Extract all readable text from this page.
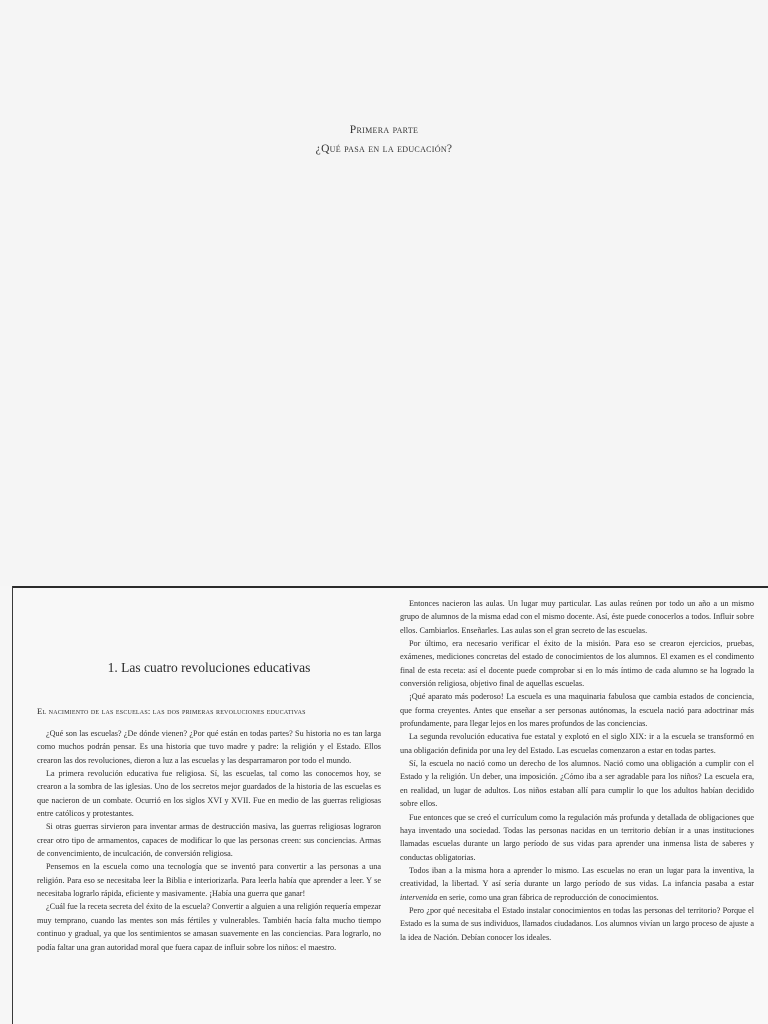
Primera parte
¿Qué pasa en la educación?
1. Las cuatro revoluciones educativas
El nacimiento de las escuelas: las dos primeras revoluciones educativas

¿Qué son las escuelas? ¿De dónde vienen? ¿Por qué están en todas partes? Su historia no es tan larga como muchos podrán pensar. Es una historia que tuvo madre y padre: la religión y el Estado. Ellos crearon las dos revoluciones, dieron a luz a las escuelas y las desparramaron por todo el mundo.

La primera revolución educativa fue religiosa. Sí, las escuelas, tal como las conocemos hoy, se crearon a la sombra de las iglesias. Uno de los secretos mejor guardados de la historia de las escuelas es que nacieron de un combate. Ocurrió en los siglos XVI y XVII. Fue en medio de las guerras religiosas entre católicos y protestantes.

Si otras guerras sirvieron para inventar armas de destrucción masiva, las guerras religiosas lograron crear otro tipo de armamentos, capaces de modificar lo que las personas creen: sus conciencias. Armas de convencimiento, de inculcación, de conversión religiosa.

Pensemos en la escuela como una tecnología que se inventó para convertir a las personas a una religión. Para eso se necesitaba leer la Biblia e interiorizarla. Para leerla había que aprender a leer. Y se necesitaba lograrlo rápida, eficiente y masivamente. ¡Había una guerra que ganar!

¿Cuál fue la receta secreta del éxito de la escuela? Convertir a alguien a una religión requería empezar muy temprano, cuando las mentes son más fértiles y vulnerables. También hacía falta mucho tiempo continuo y gradual, ya que los sentimientos se amasan suavemente en las conciencias. Para lograrlo, no podía faltar una gran autoridad moral que fuera capaz de influir sobre los niños: el maestro.

Entonces nacieron las aulas. Un lugar muy particular. Las aulas reúnen por todo un año a un mismo grupo de alumnos de la misma edad con el mismo docente. Así, éste puede conocerlos a todos. Influir sobre ellos. Cambiarlos. Enseñarles. Las aulas son el gran secreto de las escuelas.

Por último, era necesario verificar el éxito de la misión. Para eso se crearon ejercicios, pruebas, exámenes, mediciones concretas del estado de conocimientos de los alumnos. El examen es el condimento final de esta receta: así el docente puede comprobar si en lo más íntimo de cada alumno se ha logrado la conversión religiosa, objetivo final de aquellas escuelas.

¡Qué aparato más poderoso! La escuela es una maquinaria fabulosa que cambia estados de conciencia, que forma creyentes. Antes que enseñar a ser personas autónomas, la escuela nació para adoctrinar más profundamente, para llegar lejos en los mares profundos de las conciencias.

La segunda revolución educativa fue estatal y explotó en el siglo XIX: ir a la escuela se transformó en una obligación definida por una ley del Estado. Las escuelas comenzaron a estar en todas partes.

Sí, la escuela no nació como un derecho de los alumnos. Nació como una obligación a cumplir con el Estado y la religión. Un deber, una imposición. ¿Cómo iba a ser agradable para los niños? La escuela era, en realidad, un lugar de adultos. Los niños estaban allí para cumplir lo que los adultos habían decidido sobre ellos.

Fue entonces que se creó el currículum como la regulación más profunda y detallada de obligaciones que haya inventado una sociedad. Todas las personas nacidas en un territorio debían ir a unas instituciones llamadas escuelas durante un largo período de sus vidas para aprender una inmensa lista de saberes y conductas obligatorias.

Todos iban a la misma hora a aprender lo mismo. Las escuelas no eran un lugar para la inventiva, la creatividad, la libertad. Y así sería durante un largo período de sus vidas. La infancia pasaba a estar intervenida en serie, como una gran fábrica de reproducción de conocimientos.

Pero ¿por qué necesitaba el Estado instalar conocimientos en todas las personas del territorio? Porque el Estado es la suma de sus individuos, llamados ciudadanos. Los alumnos vivían un largo proceso de ajuste a la idea de Nación. Debían conocer los ideales.
